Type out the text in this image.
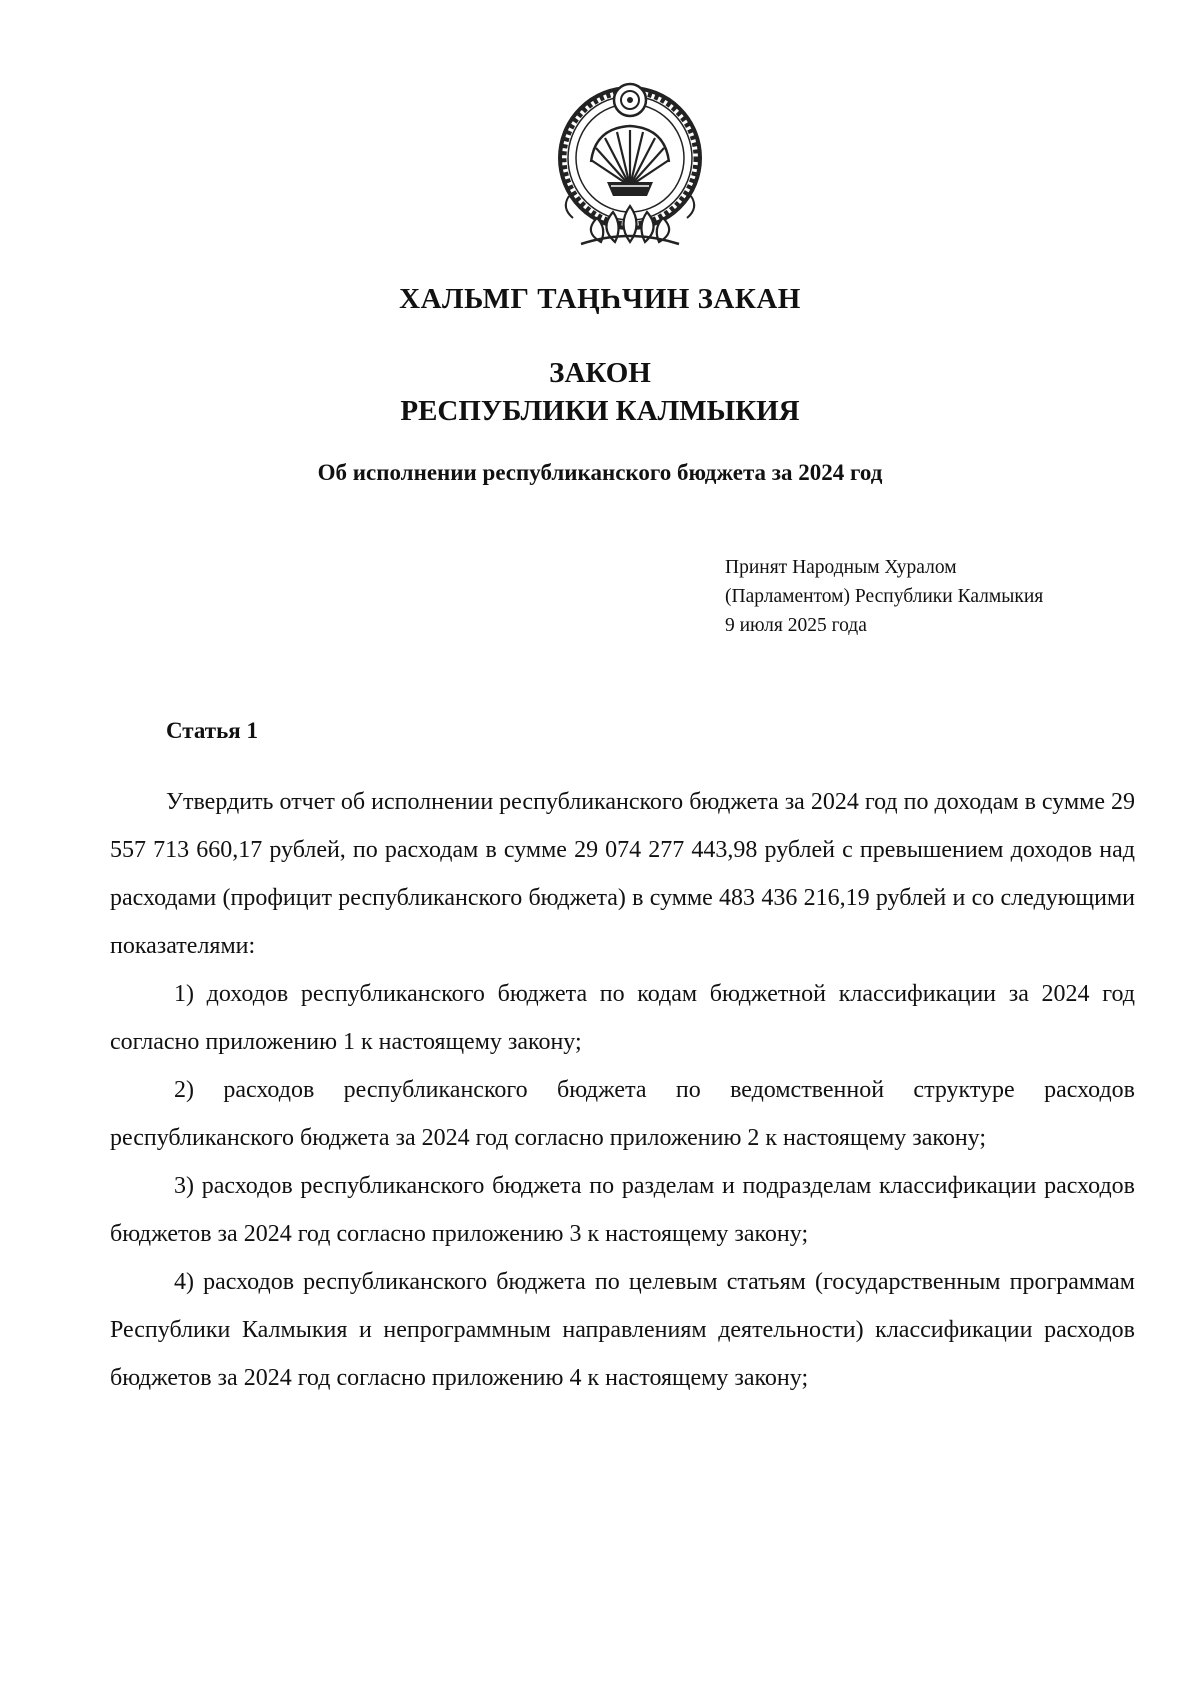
ХАЛЬМГ ТАҢҺЧИН ЗАКАН

ЗАКОН

РЕСПУБЛИКИ КАЛМЫКИЯ

Об исполнении республиканского бюджета за 2024 год

Принят Народным Хуралом
(Парламентом) Республики Калмыкия
9 июля 2025 года
Статья 1

Утвердить отчет об исполнении республиканского бюджета за 2024 год по доходам в сумме 29 557 713 660,17 рублей, по расходам в сумме 29 074 277 443,98 рублей с превышением доходов над расходами (профицит республиканского бюджета) в сумме 483 436 216,19 рублей и со следующими показателями:

1) доходов республиканского бюджета по кодам бюджетной классификации за 2024 год согласно приложению 1 к настоящему закону;

2) расходов республиканского бюджета по ведомственной структуре расходов республиканского бюджета за 2024 год согласно приложению 2 к настоящему закону;

3) расходов республиканского бюджета по разделам и подразделам классификации расходов бюджетов за 2024 год согласно приложению 3 к настоящему закону;

4) расходов республиканского бюджета по целевым статьям (государственным программам Республики Калмыкия и непрограммным направлениям деятельности) классификации расходов бюджетов за 2024 год согласно приложению 4 к настоящему закону;
